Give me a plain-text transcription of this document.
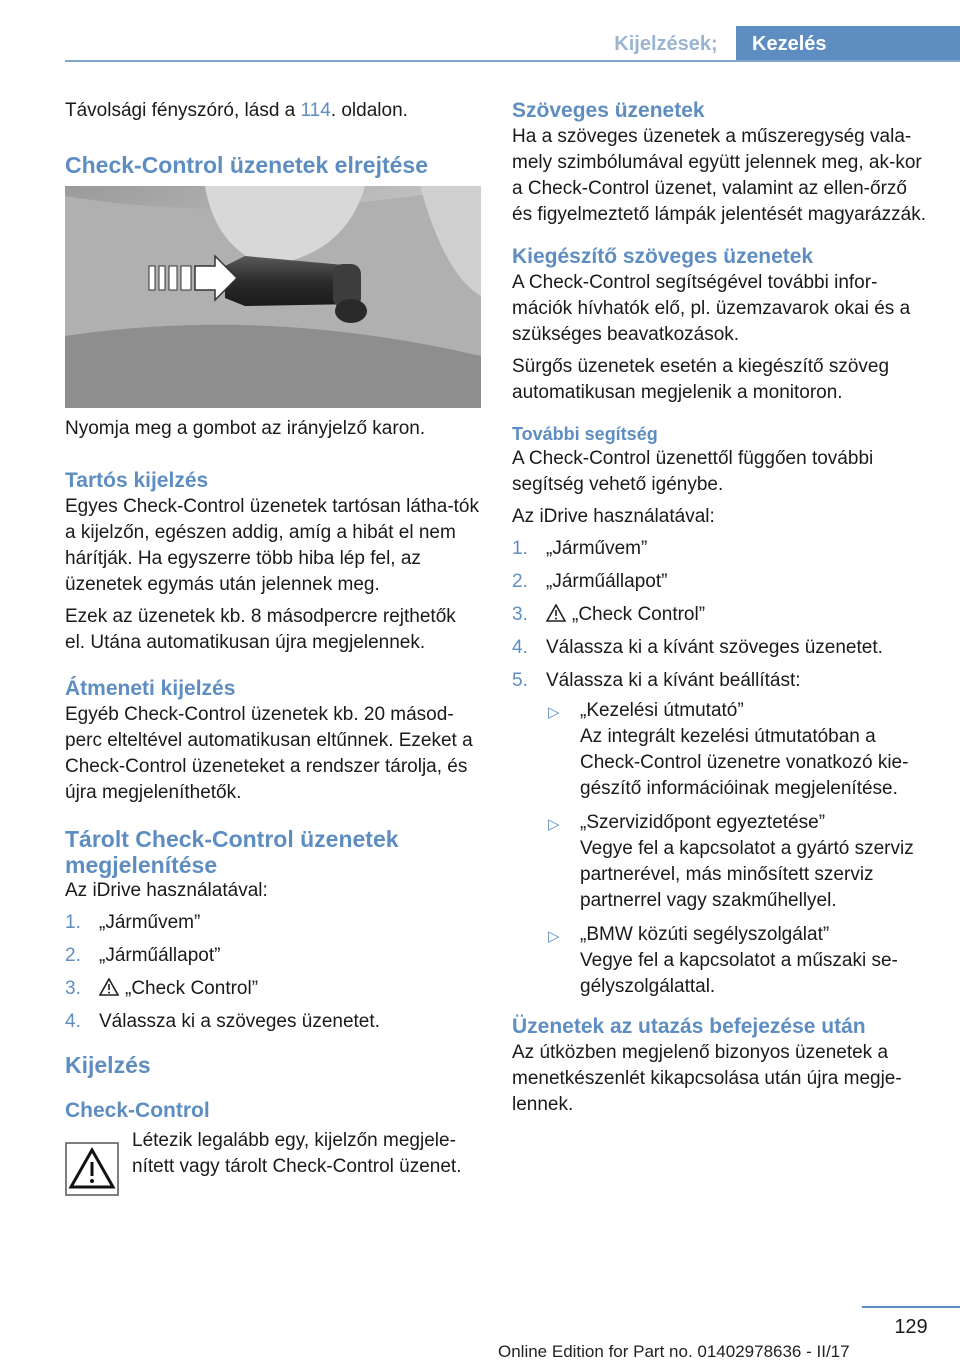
Kijelzések;	Kezelés

Távolsági fényszóró, lásd a 114. oldalon.

Check-Control üzenetek elrejtése

Nyomja meg a gombot az irányjelző karon.

Tartós kijelzés

Egyes Check-Control üzenetek tartósan látha-tók a kijelzőn, egészen addig, amíg a hibát el nem hárítják. Ha egyszerre több hiba lép fel, az üzenetek egymás után jelennek meg.

Ezek az üzenetek kb. 8 másodpercre rejthetők el. Utána automatikusan újra megjelennek.

Átmeneti kijelzés

Egyéb Check-Control üzenetek kb. 20 másod-perc elteltével automatikusan eltűnnek. Ezeket a Check-Control üzeneteket a rendszer tárolja, és újra megjeleníthetők.

Tárolt Check-Control üzenetek megjelenítése

Az iDrive használatával:

1. „Járművem”
2. „Járműállapot”
3. „Check Control”
4. Válassza ki a szöveges üzenetet.
Kijelzés
Check-Control

Létezik legalább egy, kijelzőn megjele-nített vagy tárolt Check-Control üzenet.

Szöveges üzenetek

Ha a szöveges üzenetek a műszeregység vala-mely szimbólumával együtt jelennek meg, ak-kor a Check-Control üzenet, valamint az ellen-őrző és figyelmeztető lámpák jelentését magyarázzák.

Kiegészítő szöveges üzenetek

A Check-Control segítségével további infor-mációk hívhatók elő, pl. üzemzavarok okai és a szükséges beavatkozások.

Sürgős üzenetek esetén a kiegészítő szöveg automatikusan megjelenik a monitoron.

További segítség

A Check-Control üzenettől függően további segítség vehető igénybe.

Az iDrive használatával:

1. „Járművem”
2. „Járműállapot”
3. „Check Control”
4. Válassza ki a kívánt szöveges üzenetet.
5. Válassza ki a kívánt beállítást:
▷ „Kezelési útmutató”
Az integrált kezelési útmutatóban a Check-Control üzenetre vonatkozó kie-gészítő információinak megjelenítése.
▷ „Szervizidőpont egyeztetése”
Vegye fel a kapcsolatot a gyártó szerviz partnerével, más minősített szerviz partnerrel vagy szakműhellyel.
▷ „BMW közúti segélyszolgálat”
Vegye fel a kapcsolatot a műszaki se-gélyszolgálattal.
Üzenetek az utazás befejezése után

Az útközben megjelenő bizonyos üzenetek a menetkészenlét kikapcsolása után újra megje-lennek.

129
Online Edition for Part no. 01402978636 - II/17
